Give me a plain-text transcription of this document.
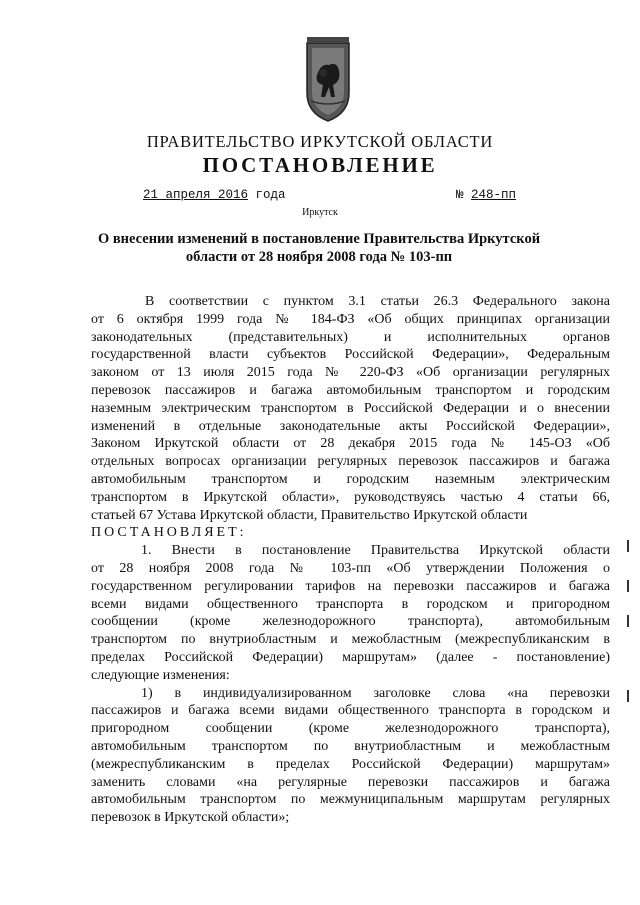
ПРАВИТЕЛЬСТВО ИРКУТСКОЙ ОБЛАСТИ
ПОСТАНОВЛЕНИЕ
21 апреля 2016 года	№ 248-пп
Иркутск
О внесении изменений в постановление Правительства Иркутской
области от 28 ноября 2008 года № 103-пп
В соответствии с пунктом 3.1 статьи 26.3 Федерального закона
от 6 октября 1999 года № 184-ФЗ «Об общих принципах организации
законодательных (представительных) и исполнительных органов
государственной власти субъектов Российской Федерации», Федеральным
законом от 13 июля 2015 года № 220-ФЗ «Об организации регулярных
перевозок пассажиров и багажа автомобильным транспортом и городским
наземным электрическим транспортом в Российской Федерации и о внесении
изменений в отдельные законодательные акты Российской Федерации»,
Законом Иркутской области от 28 декабря 2015 года № 145-ОЗ «Об
отдельных вопросах организации регулярных перевозок пассажиров и багажа
автомобильным транспортом и городским наземным электрическим
транспортом в Иркутской области», руководствуясь частью 4 статьи 66,
статьей 67 Устава Иркутской области, Правительство Иркутской области
ПОСТАНОВЛЯЕТ:
1. Внести в постановление Правительства Иркутской области
от 28 ноября 2008 года № 103-пп «Об утверждении Положения о
государственном регулировании тарифов на перевозки пассажиров и багажа
всеми видами общественного транспорта в городском и пригородном
сообщении (кроме железнодорожного транспорта), автомобильным
транспортом по внутриобластным и межобластным (межреспубликанским в
пределах Российской Федерации) маршрутам» (далее - постановление)
следующие изменения:
1) в индивидуализированном заголовке слова «на перевозки
пассажиров и багажа всеми видами общественного транспорта в городском и
пригородном сообщении (кроме железнодорожного транспорта),
автомобильным транспортом по внутриобластным и межобластным
(межреспубликанским в пределах Российской Федерации) маршрутам»
заменить словами «на регулярные перевозки пассажиров и багажа
автомобильным транспортом по межмуниципальным маршрутам регулярных
перевозок в Иркутской области»;
